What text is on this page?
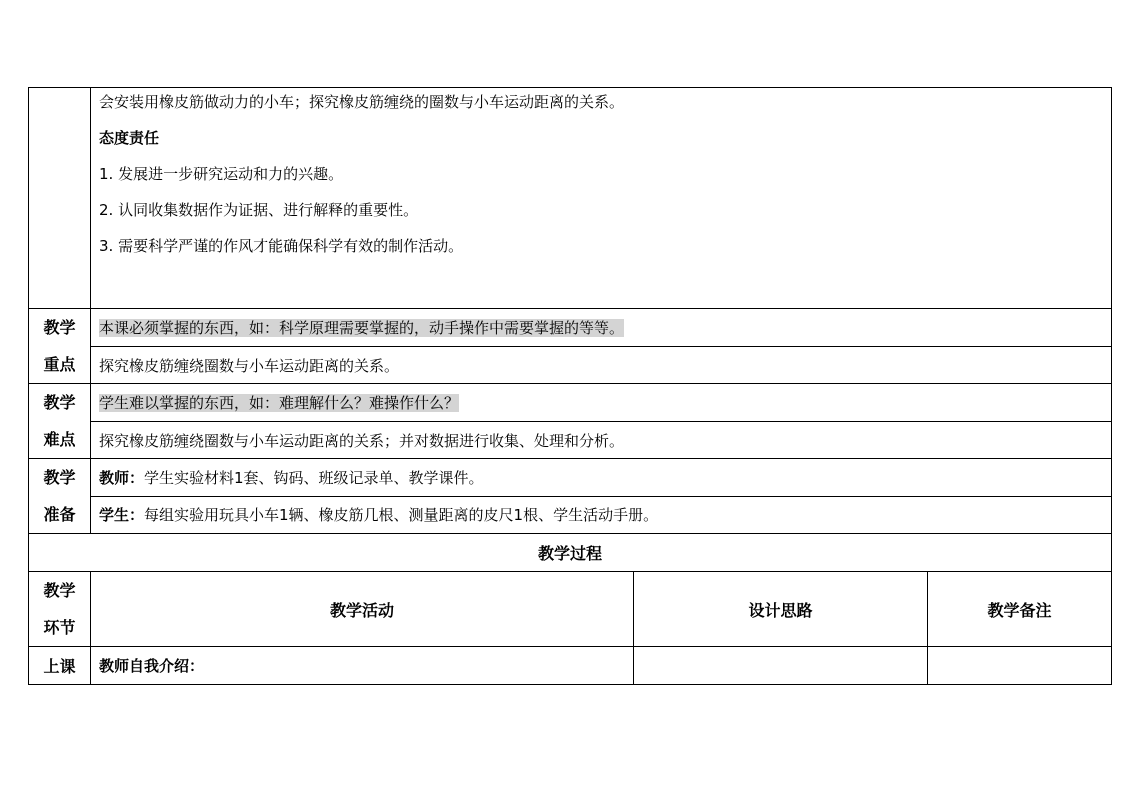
	会安装用橡皮筋做动力的小车；探究橡皮筋缠绕的圈数与小车运动距离的关系。

态度责任

1. 发展进一步研究运动和力的兴趣。

2. 认同收集数据作为证据、进行解释的重要性。

3. 需要科学严谨的作风才能确保科学有效的制作活动。		

教学
重点	本课必须掌握的东西，如：科学原理需要掌握的，动手操作中需要掌握的等等。		
	探究橡皮筋缠绕圈数与小车运动距离的关系。		

教学
难点	学生难以掌握的东西，如：难理解什么？难操作什么？		
	探究橡皮筋缠绕圈数与小车运动距离的关系；并对数据进行收集、处理和分析。		

教学
准备	教师：学生实验材料1套、钩码、班级记录单、教学课件。		
	学生：每组实验用玩具小车1辆、橡皮筋几根、测量距离的皮尺1根、学生活动手册。		
教学过程			

教学
环节	教学活动	设计思路	教学备注
上课	教师自我介绍：		
